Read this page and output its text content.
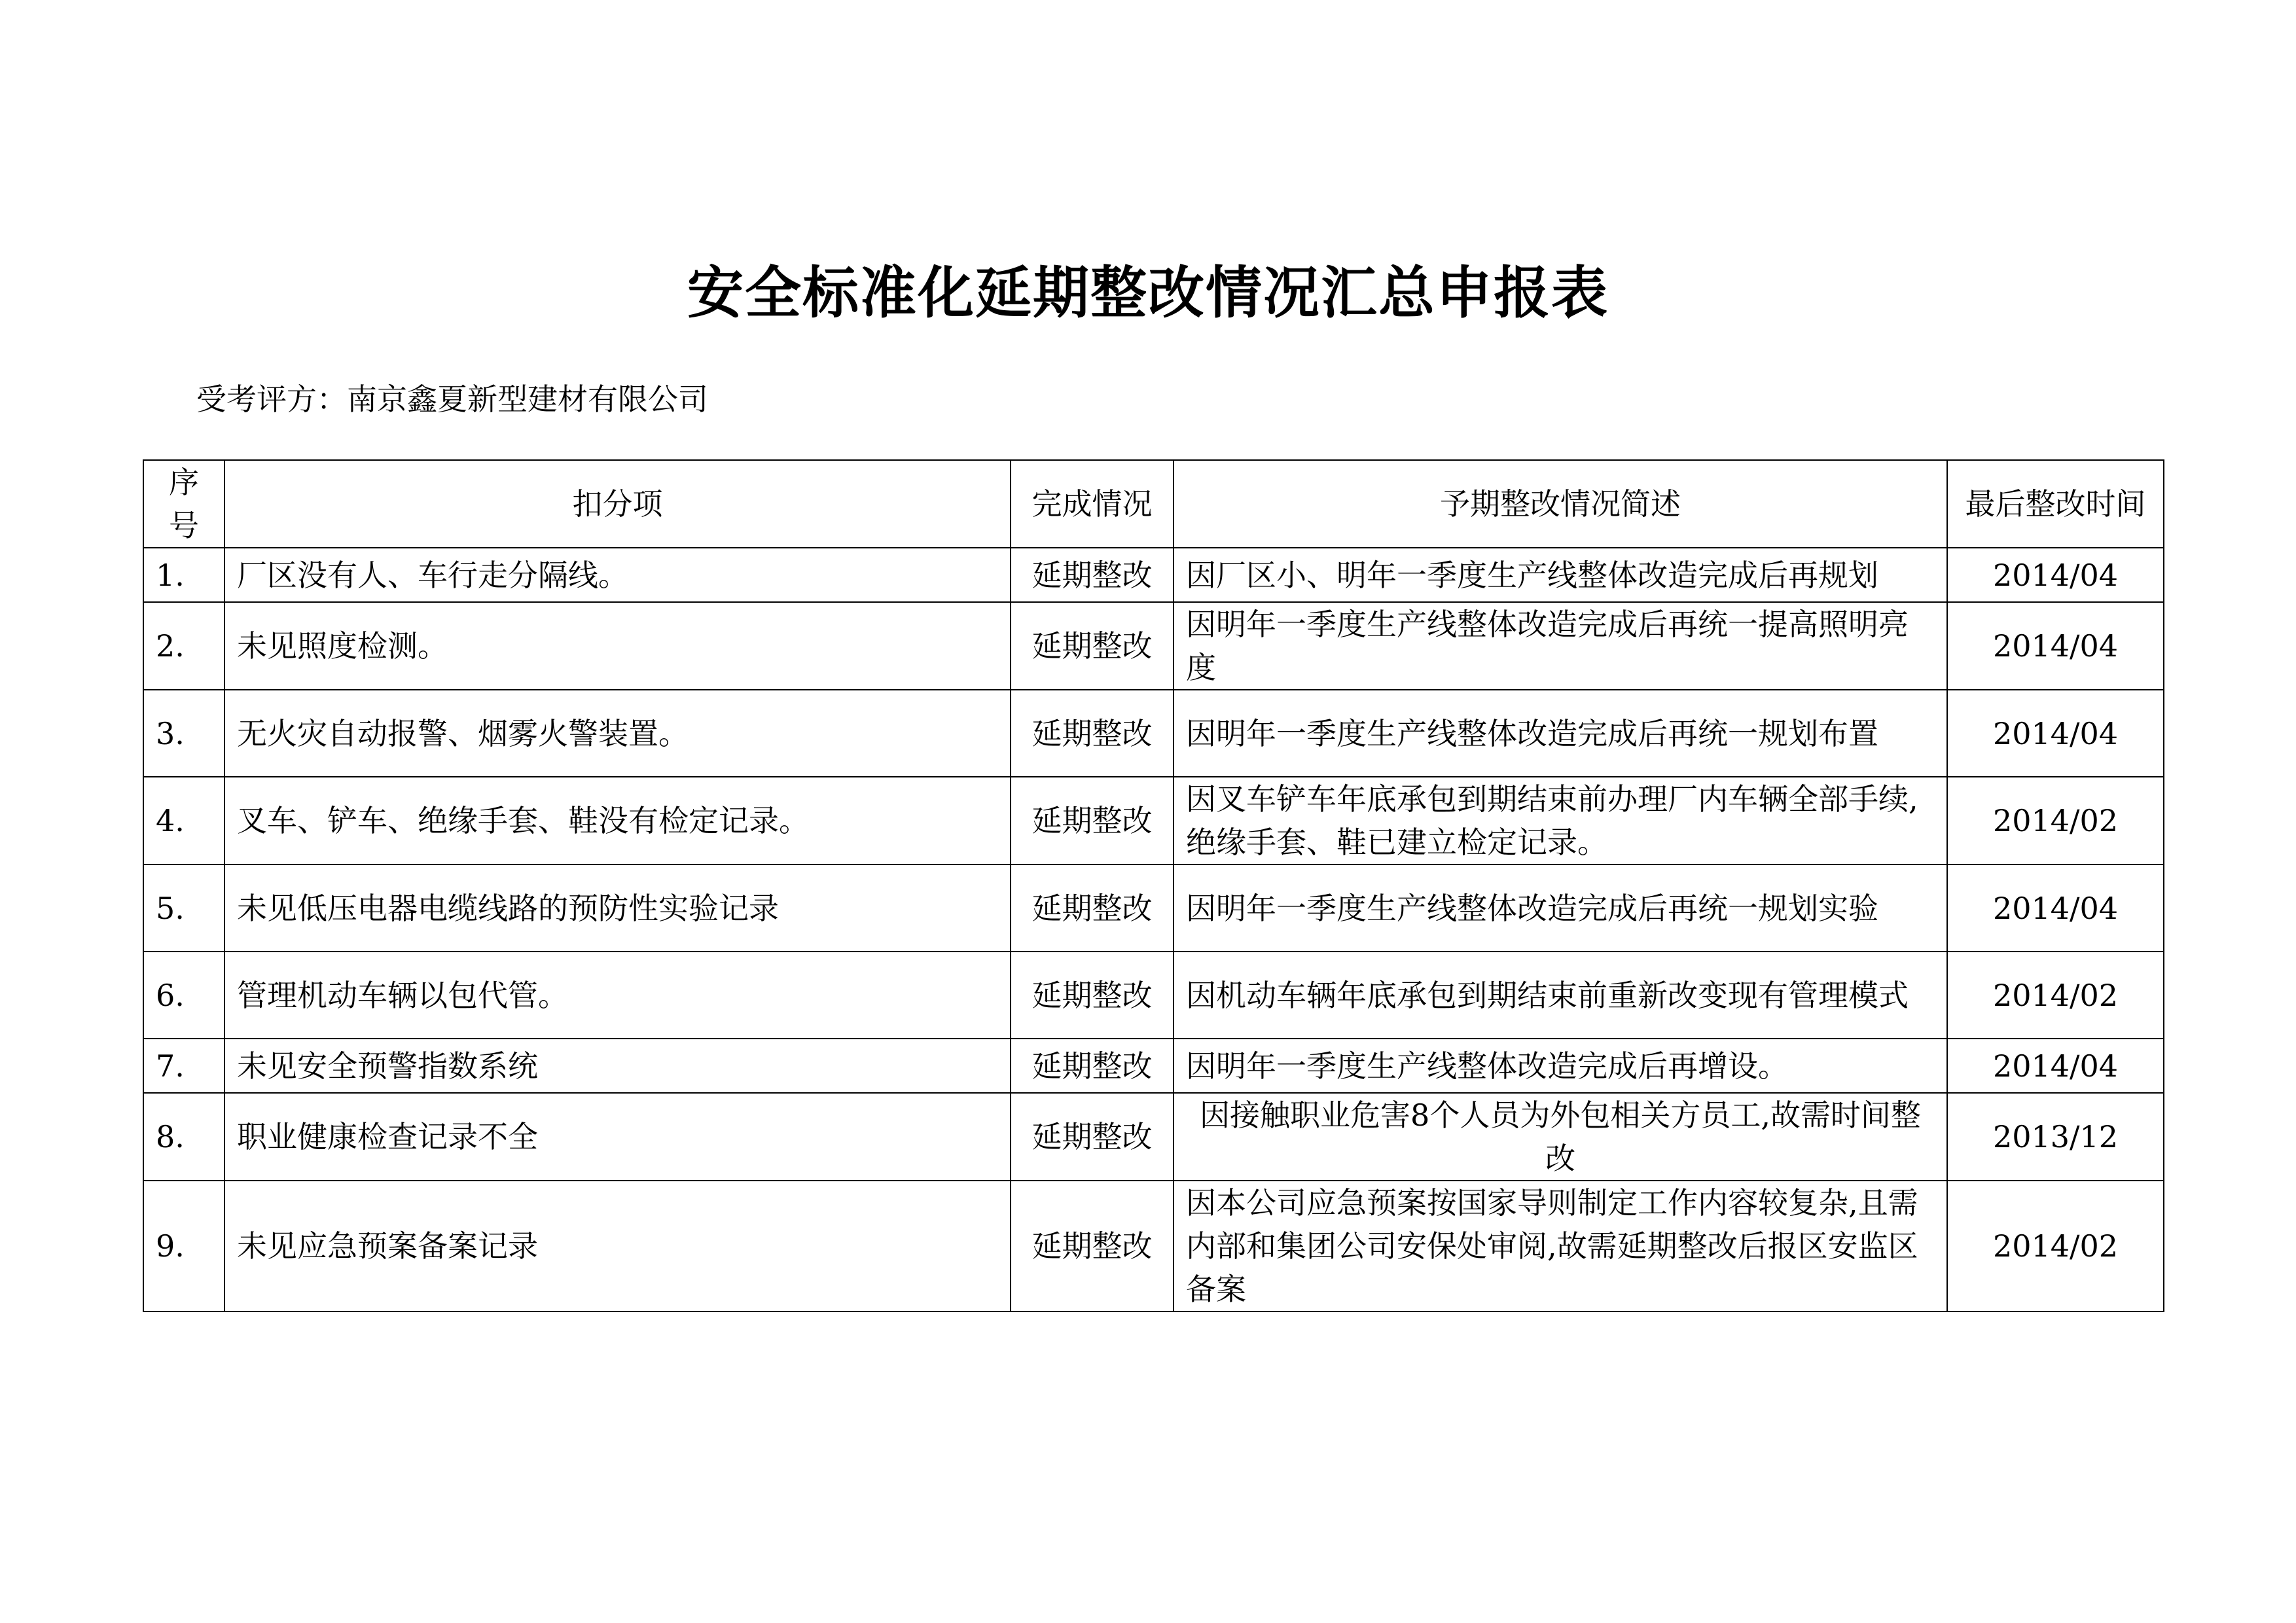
安全标准化延期整改情况汇总申报表
受考评方：南京鑫夏新型建材有限公司
序号	扣分项	完成情况	予期整改情况简述	最后整改时间
1.	厂区没有人、车行走分隔线。	延期整改	因厂区小、明年一季度生产线整体改造完成后再规划	2014/04
2.	未见照度检测。	延期整改	因明年一季度生产线整体改造完成后再统一提高照明亮度	2014/04
3.	无火灾自动报警、烟雾火警装置。	延期整改	因明年一季度生产线整体改造完成后再统一规划布置	2014/04
4.	叉车、铲车、绝缘手套、鞋没有检定记录。	延期整改	因叉车铲车年底承包到期结束前办理厂内车辆全部手续,绝缘手套、鞋已建立检定记录。	2014/02
5.	未见低压电器电缆线路的预防性实验记录	延期整改	因明年一季度生产线整体改造完成后再统一规划实验	2014/04
6.	管理机动车辆以包代管。	延期整改	因机动车辆年底承包到期结束前重新改变现有管理模式	2014/02
7.	未见安全预警指数系统	延期整改	因明年一季度生产线整体改造完成后再增设。	2014/04
8.	职业健康检查记录不全	延期整改	因接触职业危害8个人员为外包相关方员工,故需时间整改	2013/12
9.	未见应急预案备案记录	延期整改	因本公司应急预案按国家导则制定工作内容较复杂,且需内部和集团公司安保处审阅,故需延期整改后报区安监区备案	2014/02
